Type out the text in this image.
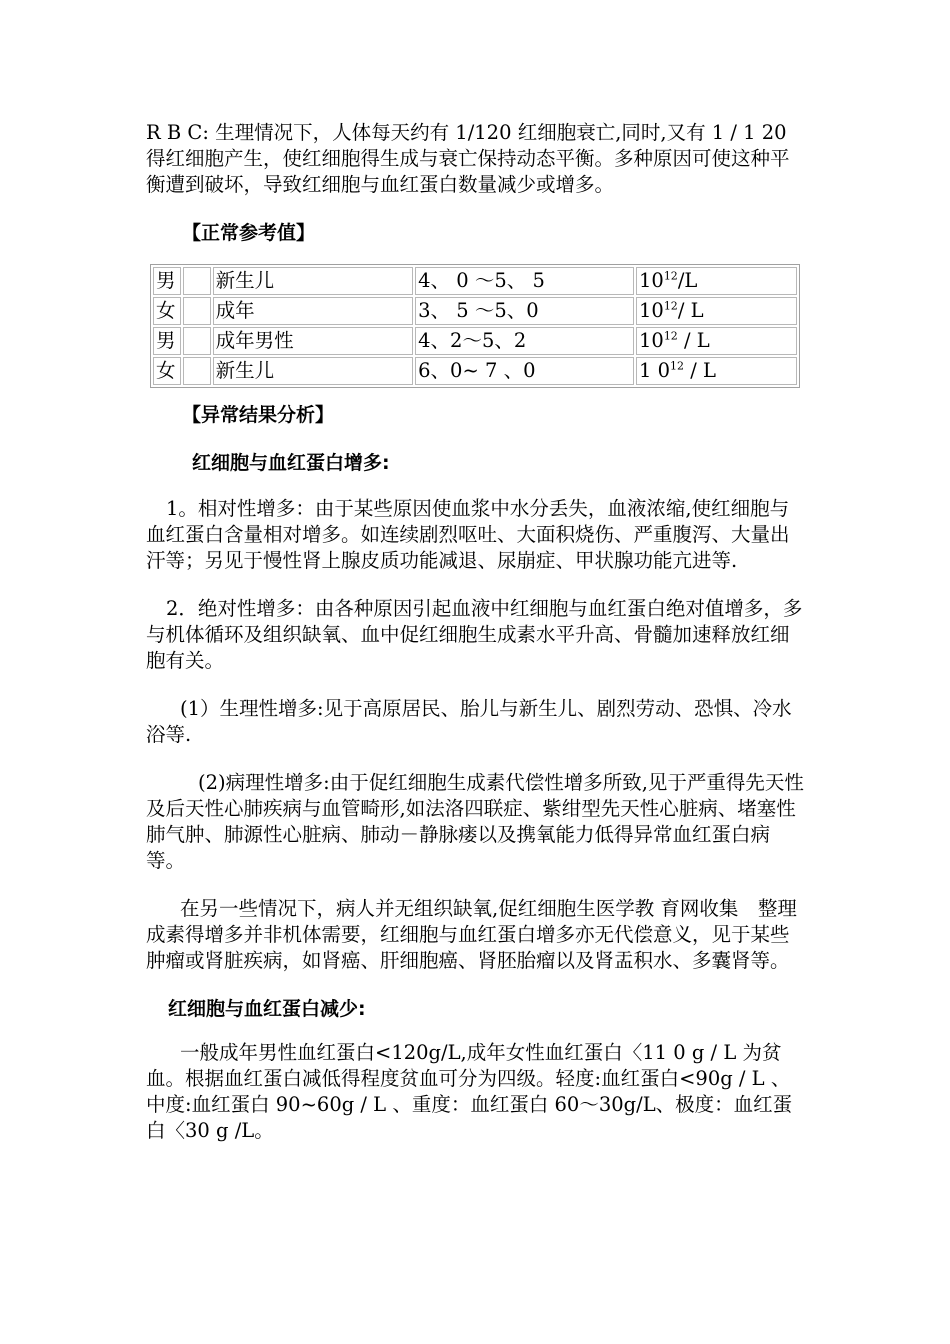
R B C: 生理情况下，人体每天约有 1/120 红细胞衰亡,同时,又有 1 / 1 20 得红细胞产生，使红细胞得生成与衰亡保持动态平衡。多种原因可使这种平衡遭到破坏，导致红细胞与血红蛋白数量减少或增多。

【正常参考值】

男		新生儿	4、 0 ～5、 5	$10^{12}/L$
女		成年	3、 5 ～5、0	$10^{12}/$ L
男		成年男性	4、2～5、2	$10^{12}$ / L
女		新生儿	6、0~ 7 、0	1 $0^{12}$ / L

【异常结果分析】

红细胞与血红蛋白增多:

1。相对性增多：由于某些原因使血浆中水分丢失，血液浓缩,使红细胞与血红蛋白含量相对增多。如连续剧烈呕吐、大面积烧伤、严重腹泻、大量出汗等；另见于慢性肾上腺皮质功能减退、尿崩症、甲状腺功能亢进等.

2．绝对性增多：由各种原因引起血液中红细胞与血红蛋白绝对值增多，多与机体循环及组织缺氧、血中促红细胞生成素水平升高、骨髓加速释放红细胞有关。

(1）生理性增多:见于高原居民、胎儿与新生儿、剧烈劳动、恐惧、冷水浴等.

(2)病理性增多:由于促红细胞生成素代偿性增多所致,见于严重得先天性及后天性心肺疾病与血管畸形,如法洛四联症、紫绀型先天性心脏病、堵塞性肺气肿、肺源性心脏病、肺动－静脉瘘以及携氧能力低得异常血红蛋白病等。

在另一些情况下，病人并无组织缺氧,促红细胞生医学教 育网收集　整理成素得增多并非机体需要，红细胞与血红蛋白增多亦无代偿意义，见于某些肿瘤或肾脏疾病，如肾癌、肝细胞癌、肾胚胎瘤以及肾盂积水、多囊肾等。

红细胞与血红蛋白减少:

一般成年男性血红蛋白<120g/L,成年女性血红蛋白〈11 0 g / L 为贫血。根据血红蛋白减低得程度贫血可分为四级。轻度:血红蛋白<90g / L 、中度:血红蛋白 90~60g / L 、重度：血红蛋白 60～30g/L、极度：血红蛋白〈30 g /L。
